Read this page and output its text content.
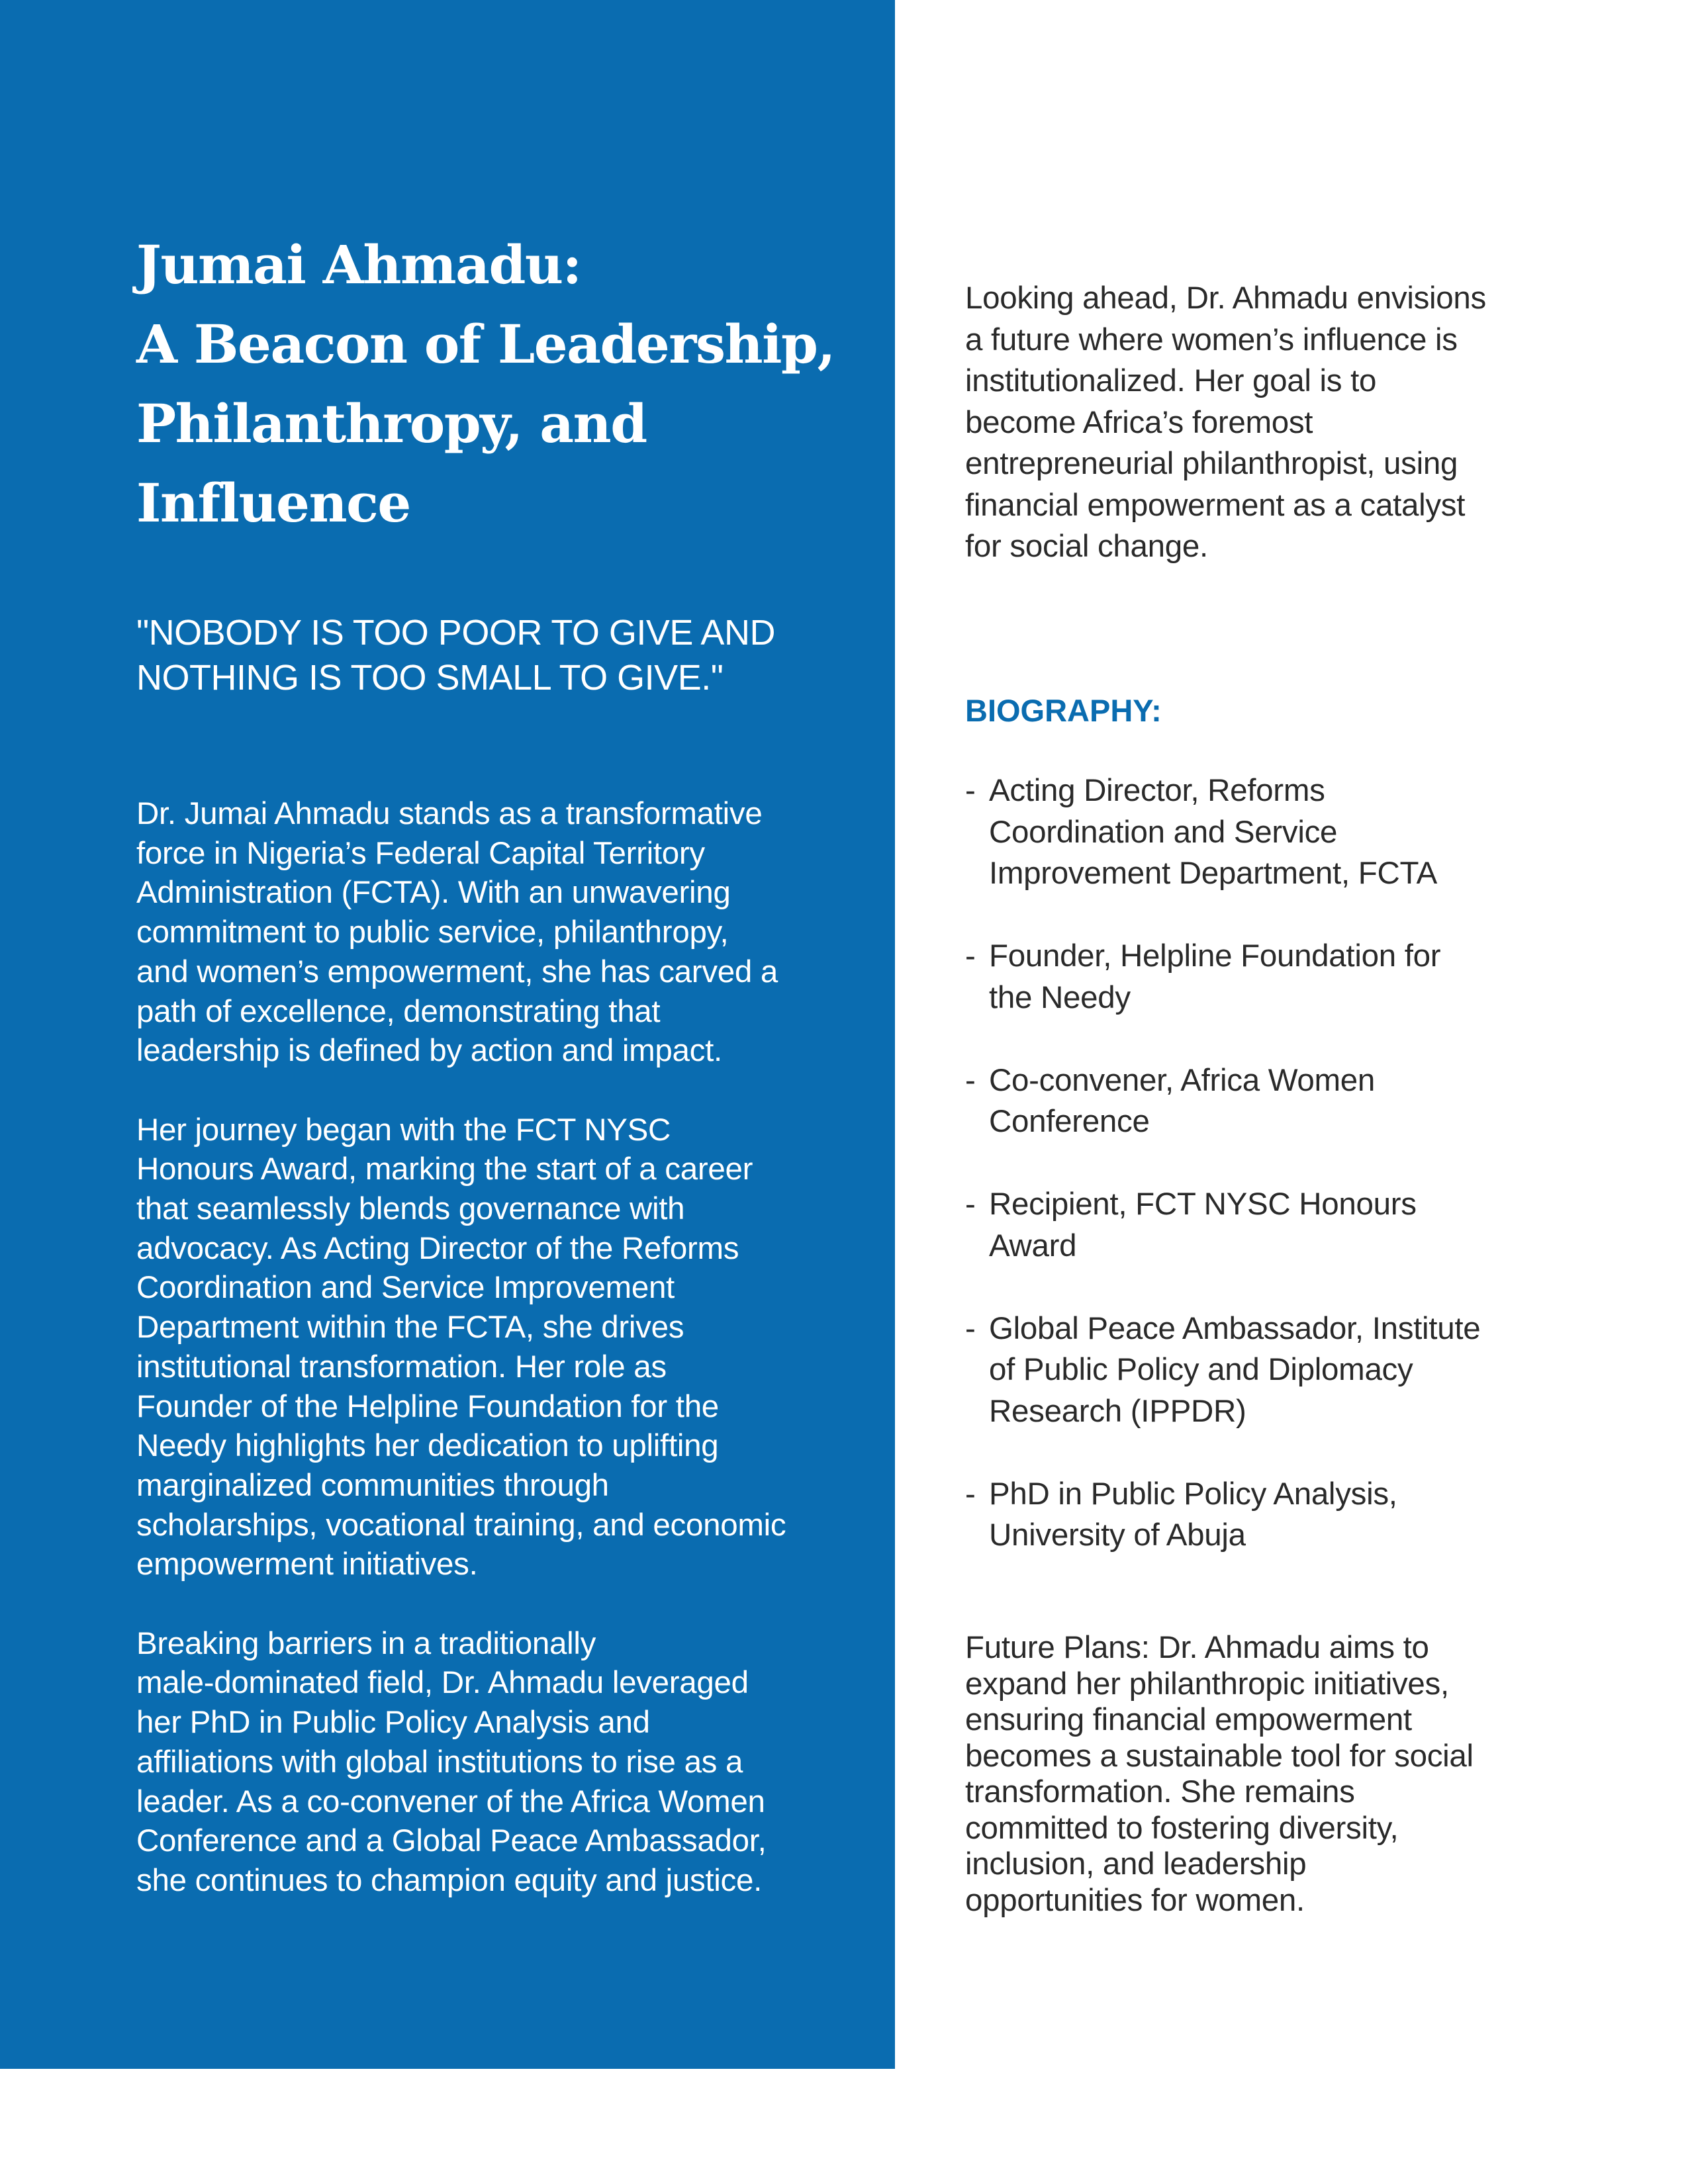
Jumai Ahmadu:
A Beacon of Leadership,
Philanthropy, and
Influence

"NOBODY IS TOO POOR TO GIVE AND
NOTHING IS TOO SMALL TO GIVE."

Dr. Jumai Ahmadu stands as a transformative
force in Nigeria’s Federal Capital Territory
Administration (FCTA). With an unwavering
commitment to public service, philanthropy,
and women’s empowerment, she has carved a
path of excellence, demonstrating that
leadership is defined by action and impact.

Her journey began with the FCT NYSC
Honours Award, marking the start of a career
that seamlessly blends governance with
advocacy. As Acting Director of the Reforms
Coordination and Service Improvement
Department within the FCTA, she drives
institutional transformation. Her role as
Founder of the Helpline Foundation for the
Needy highlights her dedication to uplifting
marginalized communities through
scholarships, vocational training, and economic
empowerment initiatives.

Breaking barriers in a traditionally
male-dominated field, Dr. Ahmadu leveraged
her PhD in Public Policy Analysis and
affiliations with global institutions to rise as a
leader. As a co-convener of the Africa Women
Conference and a Global Peace Ambassador,
she continues to champion equity and justice.

Looking ahead, Dr. Ahmadu envisions
a future where women’s influence is
institutionalized. Her goal is to
become Africa’s foremost
entrepreneurial philanthropist, using
financial empowerment as a catalyst
for social change.

BIOGRAPHY:
- Acting Director, Reforms
Coordination and Service
Improvement Department, FCTA
- Founder, Helpline Foundation for
the Needy
- Co-convener, Africa Women
Conference
- Recipient, FCT NYSC Honours
Award
- Global Peace Ambassador, Institute
of Public Policy and Diplomacy
Research (IPPDR)
- PhD in Public Policy Analysis,
University of Abuja

Future Plans: Dr. Ahmadu aims to
expand her philanthropic initiatives,
ensuring financial empowerment
becomes a sustainable tool for social
transformation. She remains
committed to fostering diversity,
inclusion, and leadership
opportunities for women.
